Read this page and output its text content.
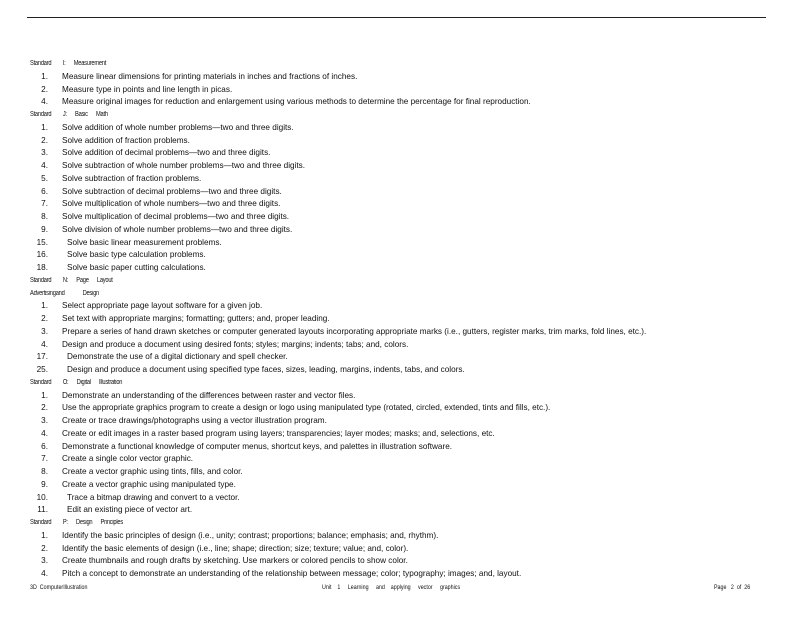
Standard I: Measurement
1. Measure linear dimensions for printing materials in inches and fractions of inches.
2. Measure type in points and line length in picas.
4. Measure original images for reduction and enlargement using various methods to determine the percentage for final reproduction.
Standard J: Basic Math
1. Solve addition of whole number problems—two and three digits.
2. Solve addition of fraction problems.
3. Solve addition of decimal problems—two and three digits.
4. Solve subtraction of whole number problems—two and three digits.
5. Solve subtraction of fraction problems.
6. Solve subtraction of decimal problems—two and three digits.
7. Solve multiplication of whole numbers—two and three digits.
8. Solve multiplication of decimal problems—two and three digits.
9. Solve division of whole number problems—two and three digits.
15. Solve basic linear measurement problems.
16. Solve basic type calculation problems.
18. Solve basic paper cutting calculations.
Standard N: Page Layout
Advertisingand	Design
1. Select appropriate page layout software for a given job.
2. Set text with appropriate margins; formatting; gutters; and, proper leading.
3. Prepare a series of hand drawn sketches or computer generated layouts incorporating appropriate marks (i.e., gutters, register marks, trim marks, fold lines, etc.).
4. Design and produce a document using desired fonts; styles; margins; indents; tabs; and, colors.
17. Demonstrate the use of a digital dictionary and spell checker.
25. Design and produce a document using specified type faces, sizes, leading, margins, indents, tabs, and colors.
Standard O: Digital Illustration
1. Demonstrate an understanding of the differences between raster and vector files.
2. Use the appropriate graphics program to create a design or logo using manipulated type (rotated, circled, extended, tints and fills, etc.).
3. Create or trace drawings/photographs using a vector illustration program.
4. Create or edit images in a raster based program using layers; transparencies; layer modes; masks; and, selections, etc.
6. Demonstrate a functional knowledge of computer menus, shortcut keys, and palettes in illustration software.
7. Create a single color vector graphic.
8. Create a vector graphic using tints, fills, and color.
9. Create a vector graphic using manipulated type.
10. Trace a bitmap drawing and convert to a vector.
11. Edit an existing piece of vector art.
Standard P: Design Principles
1. Identify the basic principles of design (i.e., unity; contrast; proportions; balance; emphasis; and, rhythm).
2. Identify the basic elements of design (i.e., line; shape; direction; size; texture; value; and, color).
3. Create thumbnails and rough drafts by sketching. Use markers or colored pencils to show color.
4. Pitch a concept to demonstrate an understanding of the relationship between message; color; typography; images; and, layout.
3D ComputerIllustration	Unit 1 Learning and applying vector graphics	Page 2 of 26
